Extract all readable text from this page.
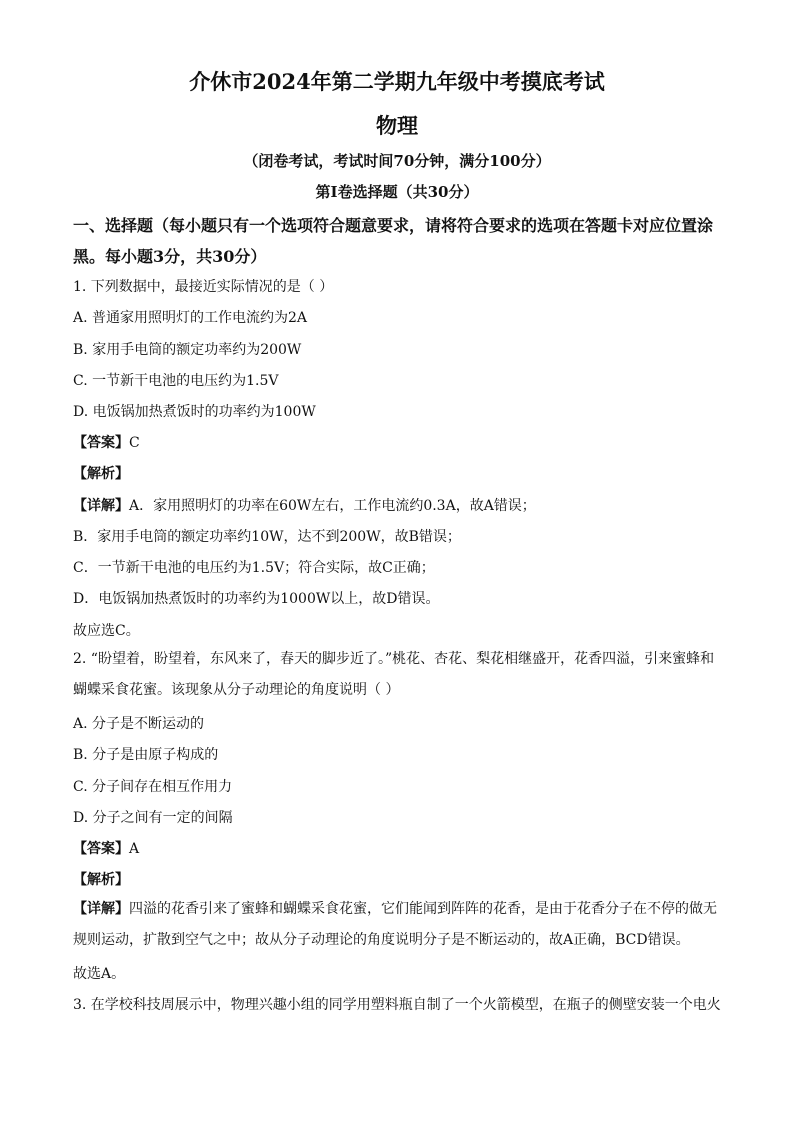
介休市2024年第二学期九年级中考摸底考试
物理
（闭卷考试，考试时间70分钟，满分100分）
第Ⅰ卷选择题（共30分）
一、选择题（每小题只有一个选项符合题意要求，请将符合要求的选项在答题卡对应位置涂黑。每小题3分，共30分）
1. 下列数据中，最接近实际情况的是（ ）
A. 普通家用照明灯的工作电流约为2A
B. 家用手电筒的额定功率约为200W
C. 一节新干电池的电压约为1.5V
D. 电饭锅加热煮饭时的功率约为100W
【答案】C
【解析】
【详解】A．家用照明灯的功率在60W左右，工作电流约0.3A，故A错误；
B．家用手电筒的额定功率约10W，达不到200W，故B错误；
C．一节新干电池的电压约为1.5V；符合实际，故C正确；
D．电饭锅加热煮饭时的功率约为1000W以上，故D错误。
故应选C。
2. “盼望着，盼望着，东风来了，春天的脚步近了。”桃花、杏花、梨花相继盛开，花香四溢，引来蜜蜂和蝴蝶采食花蜜。该现象从分子动理论的角度说明（ ）
A. 分子是不断运动的
B. 分子是由原子构成的
C. 分子间存在相互作用力
D. 分子之间有一定的间隔
【答案】A
【解析】
【详解】四溢的花香引来了蜜蜂和蝴蝶采食花蜜，它们能闻到阵阵的花香，是由于花香分子在不停的做无规则运动，扩散到空气之中；故从分子动理论的角度说明分子是不断运动的，故A正确，BCD错误。
故选A。
3. 在学校科技周展示中，物理兴趣小组的同学用塑料瓶自制了一个火箭模型，在瓶子的侧壁安装一个电火
